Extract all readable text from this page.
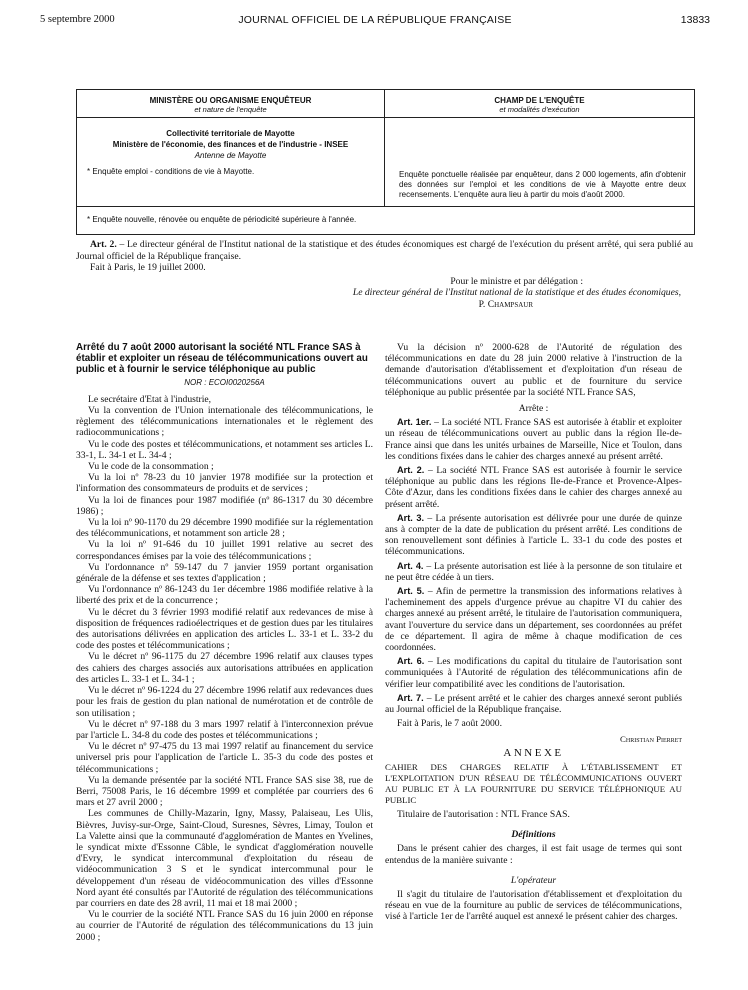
5 septembre 2000	JOURNAL OFFICIEL DE LA RÉPUBLIQUE FRANÇAISE	13833
MINISTÈRE OU ORGANISME ENQUÊTEUR
et nature de l'enquête
CHAMP DE L'ENQUÊTE
et modalités d'exécution
Collectivité territoriale de Mayotte
Ministère de l'économie, des finances et de l'industrie - INSEE
Antenne de Mayotte
* Enquête emploi - conditions de vie à Mayotte.	Enquête ponctuelle réalisée par enquêteur, dans 2 000 logements, afin d'obtenir des données sur l'emploi et les conditions de vie à Mayotte entre deux recensements. L'enquête aura lieu à partir du mois d'août 2000.
* Enquête nouvelle, rénovée ou enquête de périodicité supérieure à l'année.

Art. 2. – Le directeur général de l'Institut national de la statistique et des études économiques est chargé de l'exécution du présent arrêté, qui sera publié au Journal officiel de la République française.

Fait à Paris, le 19 juillet 2000.

Pour le ministre et par délégation :

Le directeur général de l'Institut national de la statistique et des études économiques,

P. Champsaur

Arrêté du 7 août 2000 autorisant la société NTL France SAS à établir et exploiter un réseau de télécommunications ouvert au public et à fournir le service téléphonique au public

NOR : ECOI0020256A

Le secrétaire d'Etat à l'industrie,

Vu la convention de l'Union internationale des télécommunications, le règlement des télécommunications internationales et le règlement des radiocommunications ;

Vu le code des postes et télécommunications, et notamment ses articles L. 33-1, L. 34-1 et L. 34-4 ;

Vu le code de la consommation ;

Vu la loi nº 78-23 du 10 janvier 1978 modifiée sur la protection et l'information des consommateurs de produits et de services ;

Vu la loi de finances pour 1987 modifiée (nº 86-1317 du 30 décembre 1986) ;

Vu la loi nº 90-1170 du 29 décembre 1990 modifiée sur la réglementation des télécommunications, et notamment son article 28 ;

Vu la loi nº 91-646 du 10 juillet 1991 relative au secret des correspondances émises par la voie des télécommunications ;

Vu l'ordonnance nº 59-147 du 7 janvier 1959 portant organisation générale de la défense et ses textes d'application ;

Vu l'ordonnance nº 86-1243 du 1er décembre 1986 modifiée relative à la liberté des prix et de la concurrence ;

Vu le décret du 3 février 1993 modifié relatif aux redevances de mise à disposition de fréquences radioélectriques et de gestion dues par les titulaires des autorisations délivrées en application des articles L. 33-1 et L. 33-2 du code des postes et télécommunications ;

Vu le décret nº 96-1175 du 27 décembre 1996 relatif aux clauses types des cahiers des charges associés aux autorisations attribuées en application des articles L. 33-1 et L. 34-1 ;

Vu le décret nº 96-1224 du 27 décembre 1996 relatif aux redevances dues pour les frais de gestion du plan national de numérotation et de contrôle de son utilisation ;

Vu le décret nº 97-188 du 3 mars 1997 relatif à l'interconnexion prévue par l'article L. 34-8 du code des postes et télécommunications ;

Vu le décret nº 97-475 du 13 mai 1997 relatif au financement du service universel pris pour l'application de l'article L. 35-3 du code des postes et télécommunications ;

Vu la demande présentée par la société NTL France SAS sise 38, rue de Berri, 75008 Paris, le 16 décembre 1999 et complétée par courriers des 6 mars et 27 avril 2000 ;

Les communes de Chilly-Mazarin, Igny, Massy, Palaiseau, Les Ulis, Bièvres, Juvisy-sur-Orge, Saint-Cloud, Suresnes, Sèvres, Limay, Toulon et La Valette ainsi que la communauté d'agglomération de Mantes en Yvelines, le syndicat mixte d'Essonne Câble, le syndicat d'agglomération nouvelle d'Evry, le syndicat intercommunal d'exploitation du réseau de vidéocommunication 3 S et le syndicat intercommunal pour le développement d'un réseau de vidéocommunication des villes d'Essonne Nord ayant été consultés par l'Autorité de régulation des télécommunications par courriers en date des 28 avril, 11 mai et 18 mai 2000 ;

Vu le courrier de la société NTL France SAS du 16 juin 2000 en réponse au courrier de l'Autorité de régulation des télécommunications du 13 juin 2000 ;

Vu la décision nº 2000-628 de l'Autorité de régulation des télécommunications en date du 28 juin 2000 relative à l'instruction de la demande d'autorisation d'établissement et d'exploitation d'un réseau de télécommunications ouvert au public et de fourniture du service téléphonique au public présentée par la société NTL France SAS,

Arrête :

Art. 1er. – La société NTL France SAS est autorisée à établir et exploiter un réseau de télécommunications ouvert au public dans la région Ile-de-France ainsi que dans les unités urbaines de Marseille, Nice et Toulon, dans les conditions fixées dans le cahier des charges annexé au présent arrêté.

Art. 2. – La société NTL France SAS est autorisée à fournir le service téléphonique au public dans les régions Ile-de-France et Provence-Alpes-Côte d'Azur, dans les conditions fixées dans le cahier des charges annexé au présent arrêté.

Art. 3. – La présente autorisation est délivrée pour une durée de quinze ans à compter de la date de publication du présent arrêté. Les conditions de son renouvellement sont définies à l'article L. 33-1 du code des postes et télécommunications.

Art. 4. – La présente autorisation est liée à la personne de son titulaire et ne peut être cédée à un tiers.

Art. 5. – Afin de permettre la transmission des informations relatives à l'acheminement des appels d'urgence prévue au chapitre VI du cahier des charges annexé au présent arrêté, le titulaire de l'autorisation communiquera, avant l'ouverture du service dans un département, ses coordonnées au préfet de ce département. Il agira de même à chaque modification de ces coordonnées.

Art. 6. – Les modifications du capital du titulaire de l'autorisation sont communiquées à l'Autorité de régulation des télécommunications afin de vérifier leur compatibilité avec les conditions de l'autorisation.

Art. 7. – Le présent arrêté et le cahier des charges annexé seront publiés au Journal officiel de la République française.

Fait à Paris, le 7 août 2000.

Christian Pierret

ANNEXE

CAHIER DES CHARGES RELATIF À L'ÉTABLISSEMENT ET L'EXPLOITATION D'UN RÉSEAU DE TÉLÉCOMMUNICATIONS OUVERT AU PUBLIC ET À LA FOURNITURE DU SERVICE TÉLÉPHONIQUE AU PUBLIC

Titulaire de l'autorisation : NTL France SAS.

Définitions

Dans le présent cahier des charges, il est fait usage de termes qui sont entendus de la manière suivante :

L'opérateur

Il s'agit du titulaire de l'autorisation d'établissement et d'exploitation du réseau en vue de la fourniture au public de services de télécommunications, visé à l'article 1er de l'arrêté auquel est annexé le présent cahier des charges.
